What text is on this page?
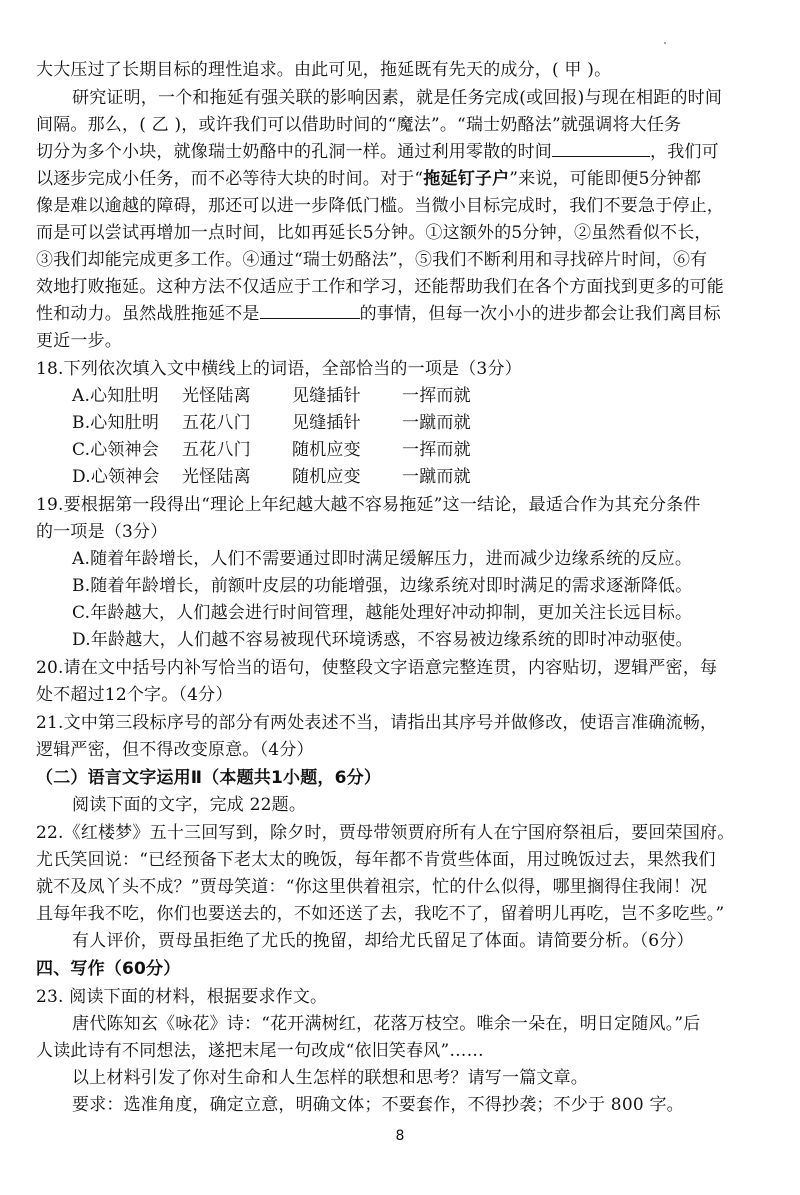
大大压过了长期目标的理性追求。由此可见，拖延既有先天的成分，( 甲 )。
研究证明，一个和拖延有强关联的影响因素，就是任务完成(或回报)与现在相距的时间
间隔。那么，( 乙 )，或许我们可以借助时间的“魔法”。“瑞士奶酪法”就强调将大任务
切分为多个小块，就像瑞士奶酪中的孔洞一样。通过利用零散的时间	，我们可
以逐步完成小任务，而不必等待大块的时间。对于“拖延钉子户”来说，可能即便5分钟都
像是难以逾越的障碍，那还可以进一步降低门槛。当微小目标完成时，我们不要急于停止，
而是可以尝试再增加一点时间，比如再延长5分钟。①这额外的5分钟，②虽然看似不长，
③我们却能完成更多工作。④通过“瑞士奶酪法”，⑤我们不断利用和寻找碎片时间，⑥有
效地打败拖延。这种方法不仅适应于工作和学习，还能帮助我们在各个方面找到更多的可能
性和动力。虽然战胜拖延不是	的事情，但每一次小小的进步都会让我们离目标
更近一步。
18.下列依次填入文中横线上的词语，全部恰当的一项是（3分）
A.心知肚明 光怪陆离 见缝插针 一挥而就
B.心知肚明 五花八门 见缝插针 一蹴而就
C.心领神会 五花八门 随机应变 一挥而就
D.心领神会 光怪陆离 随机应变 一蹴而就
19.要根据第一段得出“理论上年纪越大越不容易拖延”这一结论，最适合作为其充分条件
的一项是（3分）
A.随着年龄增长，人们不需要通过即时满足缓解压力，进而减少边缘系统的反应。
B.随着年龄增长，前额叶皮层的功能增强，边缘系统对即时满足的需求逐渐降低。
C.年龄越大，人们越会进行时间管理，越能处理好冲动抑制，更加关注长远目标。
D.年龄越大，人们越不容易被现代环境诱惑，不容易被边缘系统的即时冲动驱使。
20.请在文中括号内补写恰当的语句，使整段文字语意完整连贯，内容贴切，逻辑严密，每
处不超过12个字。（4分）
21.文中第三段标序号的部分有两处表述不当，请指出其序号并做修改，使语言准确流畅，
逻辑严密，但不得改变原意。（4分）
（二）语言文字运用Ⅱ（本题共1小题，6分）
阅读下面的文字，完成 22题。
22.《红楼梦》五十三回写到，除夕时，贾母带领贾府所有人在宁国府祭祖后，要回荣国府。
尤氏笑回说：“已经预备下老太太的晚饭，每年都不肯赏些体面，用过晚饭过去，果然我们
就不及凤丫头不成？”贾母笑道：“你这里供着祖宗，忙的什么似得，哪里搁得住我闹！况
且每年我不吃，你们也要送去的，不如还送了去，我吃不了，留着明儿再吃，岂不多吃些。”
有人评价，贾母虽拒绝了尤氏的挽留，却给尤氏留足了体面。请简要分析。（6分）
四、写作（60分）
23. 阅读下面的材料，根据要求作文。
唐代陈知玄《咏花》诗：“花开满树红，花落万枝空。唯余一朵在，明日定随风。”后
人读此诗有不同想法，遂把末尾一句改成“依旧笑春风”……
以上材料引发了你对生命和人生怎样的联想和思考？请写一篇文章。
要求：选准角度，确定立意，明确文体；不要套作，不得抄袭；不少于 800 字。
8
